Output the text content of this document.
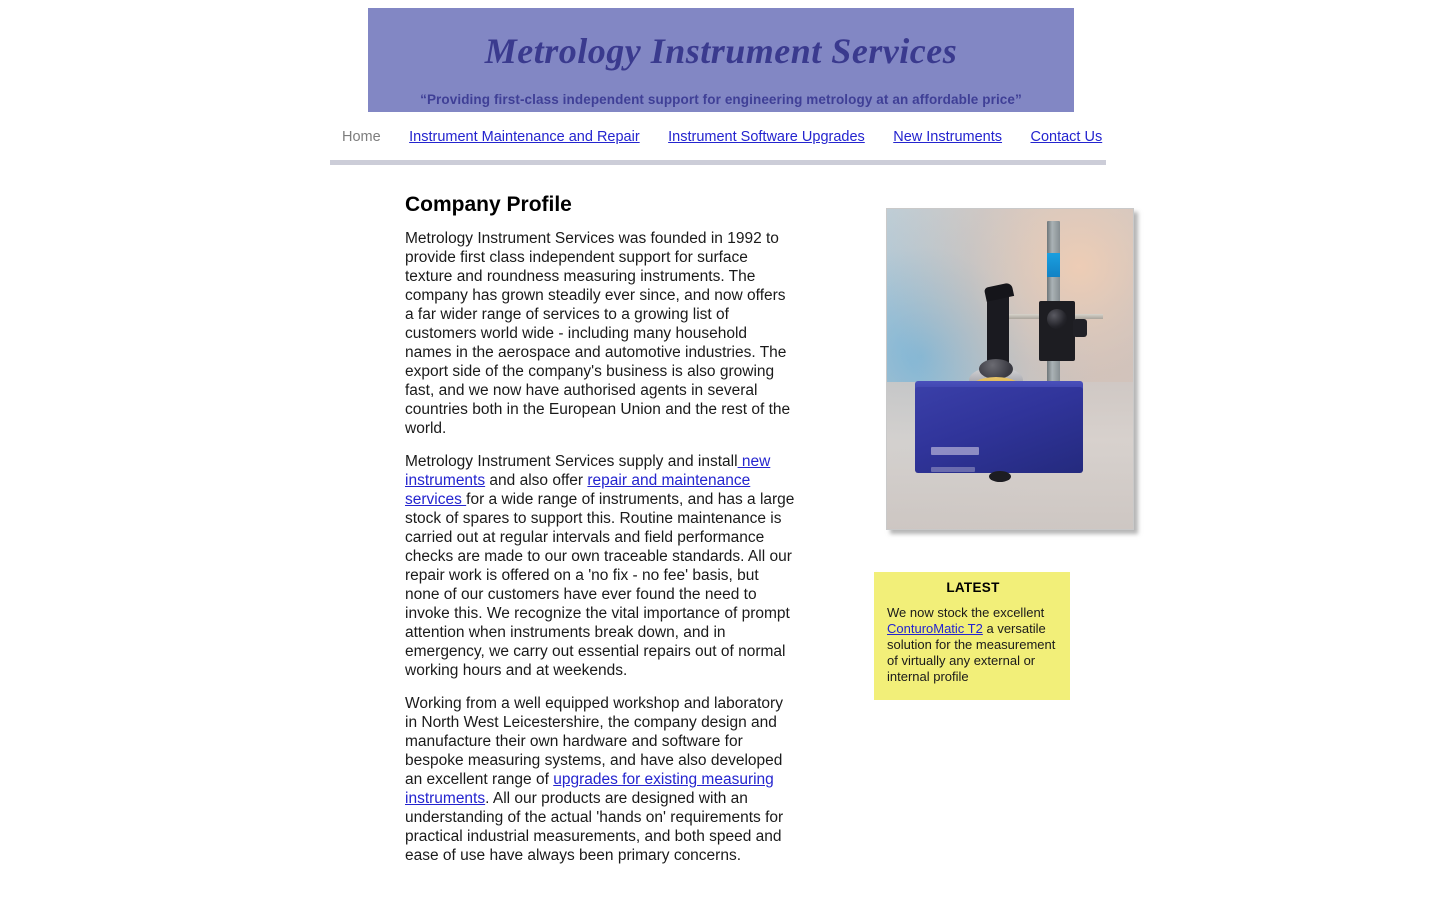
Metrology Instrument Services

“Providing first-class independent support for engineering metrology at an affordable price”

Home Instrument Maintenance and Repair Instrument Software Upgrades New Instruments Contact Us
Company Profile

Metrology Instrument Services was founded in 1992 to provide first class independent support for surface texture and roundness measuring instruments. The company has grown steadily ever since, and now offers a far wider range of services to a growing list of customers world wide - including many household names in the aerospace and automotive industries. The export side of the company's business is also growing fast, and we now have authorised agents in several countries both in the European Union and the rest of the world.

Metrology Instrument Services supply and install new instruments and also offer repair and maintenance services for a wide range of instruments, and has a large stock of spares to support this. Routine maintenance is carried out at regular intervals and field performance checks are made to our own traceable standards. All our repair work is offered on a 'no fix - no fee' basis, but none of our customers have ever found the need to invoke this. We recognize the vital importance of prompt attention when instruments break down, and in emergency, we carry out essential repairs out of normal working hours and at weekends.

Working from a well equipped workshop and laboratory in North West Leicestershire, the company design and manufacture their own hardware and software for bespoke measuring systems, and have also developed an excellent range of upgrades for existing measuring instruments. All our products are designed with an understanding of the actual 'hands on' requirements for practical industrial measurements, and both speed and ease of use have always been primary concerns.

LATEST

We now stock the excellent ConturoMatic T2 a versatile solution for the measurement of virtually any external or internal profile
